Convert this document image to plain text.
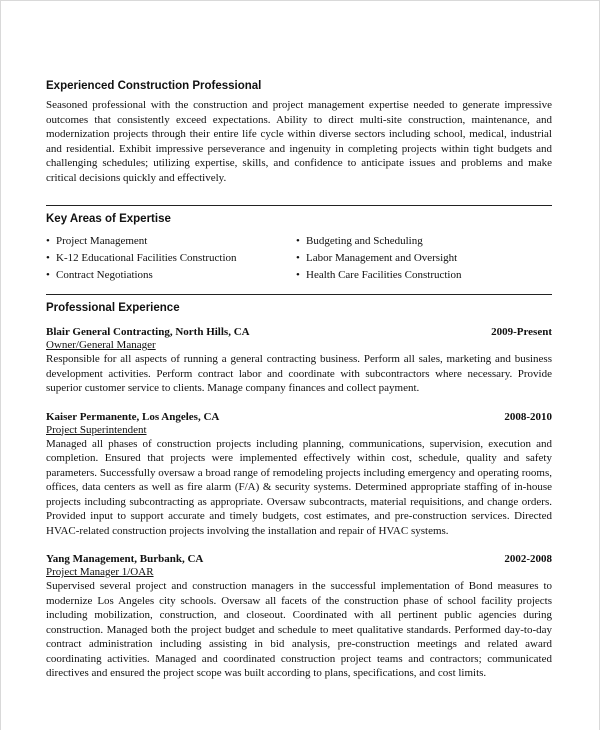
Experienced Construction Professional

Seasoned professional with the construction and project management expertise needed to generate impressive outcomes that consistently exceed expectations. Ability to direct multi-site construction, maintenance, and modernization projects through their entire life cycle within diverse sectors including school, medical, industrial and residential. Exhibit impressive perseverance and ingenuity in completing projects within tight budgets and challenging schedules; utilizing expertise, skills, and confidence to anticipate issues and problems and make critical decisions quickly and effectively.

Key Areas of Expertise
• Project Management
• K-12 Educational Facilities Construction
• Contract Negotiations
• Budgeting and Scheduling
• Labor Management and Oversight
• Health Care Facilities Construction
Professional Experience
Blair General Contracting, North Hills, CA	2009-Present
Owner/General Manager

Responsible for all aspects of running a general contracting business. Perform all sales, marketing and business development activities. Perform contract labor and coordinate with subcontractors where necessary. Provide superior customer service to clients. Manage company finances and collect payment.

Kaiser Permanente, Los Angeles, CA	2008-2010
Project Superintendent

Managed all phases of construction projects including planning, communications, supervision, execution and completion. Ensured that projects were implemented effectively within cost, schedule, quality and safety parameters. Successfully oversaw a broad range of remodeling projects including emergency and operating rooms, offices, data centers as well as fire alarm (F/A) & security systems. Determined appropriate staffing of in-house projects including subcontracting as appropriate. Oversaw subcontracts, material requisitions, and change orders. Provided input to support accurate and timely budgets, cost estimates, and pre-construction services. Directed HVAC-related construction projects involving the installation and repair of HVAC systems.

Yang Management, Burbank, CA	2002-2008
Project Manager 1/OAR

Supervised several project and construction managers in the successful implementation of Bond measures to modernize Los Angeles city schools. Oversaw all facets of the construction phase of school facility projects including mobilization, construction, and closeout. Coordinated with all pertinent public agencies during construction. Managed both the project budget and schedule to meet qualitative standards. Performed day-to-day contract administration including assisting in bid analysis, pre-construction meetings and related award coordinating activities. Managed and coordinated construction project teams and contractors; communicated directives and ensured the project scope was built according to plans, specifications, and cost limits.
